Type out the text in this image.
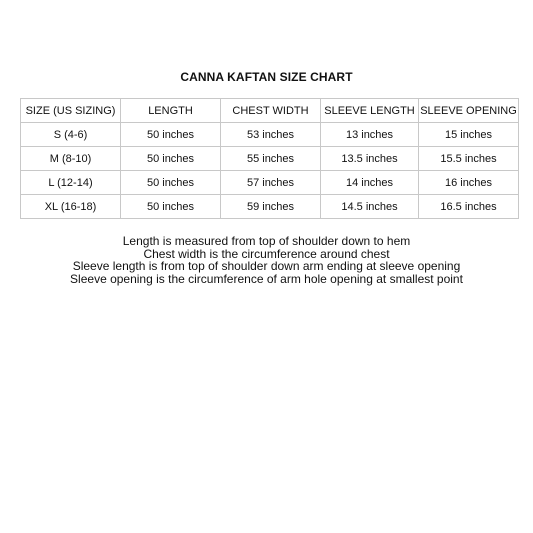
CANNA KAFTAN SIZE CHART
SIZE (US SIZING)	LENGTH	CHEST WIDTH	SLEEVE LENGTH	SLEEVE OPENING
S (4-6)	50 inches	53 inches	13 inches	15 inches
M (8-10)	50 inches	55 inches	13.5 inches	15.5 inches
L (12-14)	50 inches	57 inches	14 inches	16 inches
XL (16-18)	50 inches	59 inches	14.5 inches	16.5 inches
Length is measured from top of shoulder down to hem
Chest width is the circumference around chest
Sleeve length is from top of shoulder down arm ending at sleeve opening
Sleeve opening is the circumference of arm hole opening at smallest point
